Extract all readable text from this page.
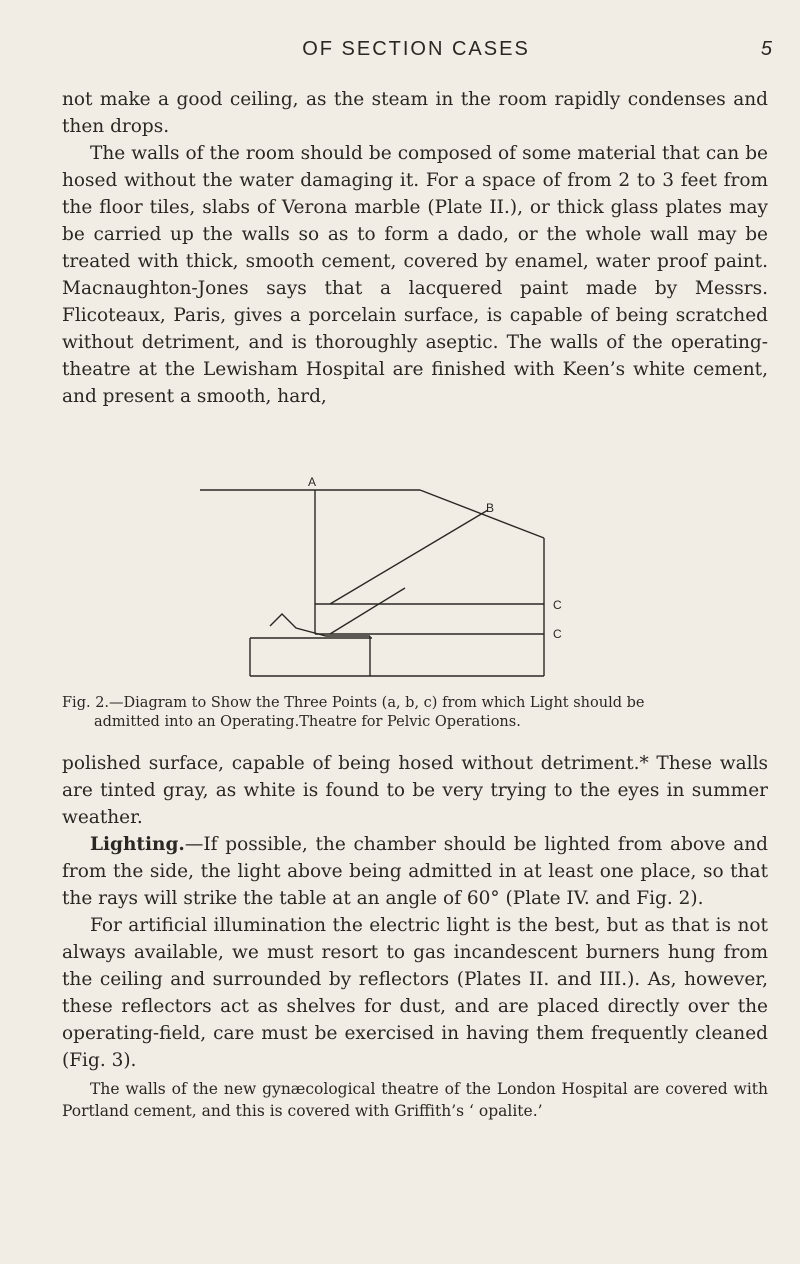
OF SECTION CASES	5

not make a good ceiling, as the steam in the room rapidly condenses and then drops.

The walls of the room should be composed of some material that can be hosed without the water damaging it. For a space of from 2 to 3 feet from the floor tiles, slabs of Verona marble (Plate II.), or thick glass plates may be carried up the walls so as to form a dado, or the whole wall may be treated with thick, smooth cement, covered by enamel, water proof paint. Macnaughton-Jones says that a lacquered paint made by Messrs. Flicoteaux, Paris, gives a porcelain surface, is capable of being scratched without detriment, and is thoroughly aseptic. The walls of the operating-theatre at the Lewisham Hospital are finished with Keen’s white cement, and present a smooth, hard,

A
B
C
C

Fig. 2.—Diagram to Show the Three Points (a, b, c) from which Light should be
admitted into an Operating.Theatre for Pelvic Operations.

polished surface, capable of being hosed without detriment.* These walls are tinted gray, as white is found to be very trying to the eyes in summer weather.

Lighting.—If possible, the chamber should be lighted from above and from the side, the light above being admitted in at least one place, so that the rays will strike the table at an angle of 60° (Plate IV. and Fig. 2).

For artificial illumination the electric light is the best, but as that is not always available, we must resort to gas incandescent burners hung from the ceiling and surrounded by reflectors (Plates II. and III.). As, however, these reflectors act as shelves for dust, and are placed directly over the operating-field, care must be exercised in having them frequently cleaned (Fig. 3).

The walls of the new gynæcological theatre of the London Hospital are covered with Portland cement, and this is covered with Griffith’s ‘ opalite.’
